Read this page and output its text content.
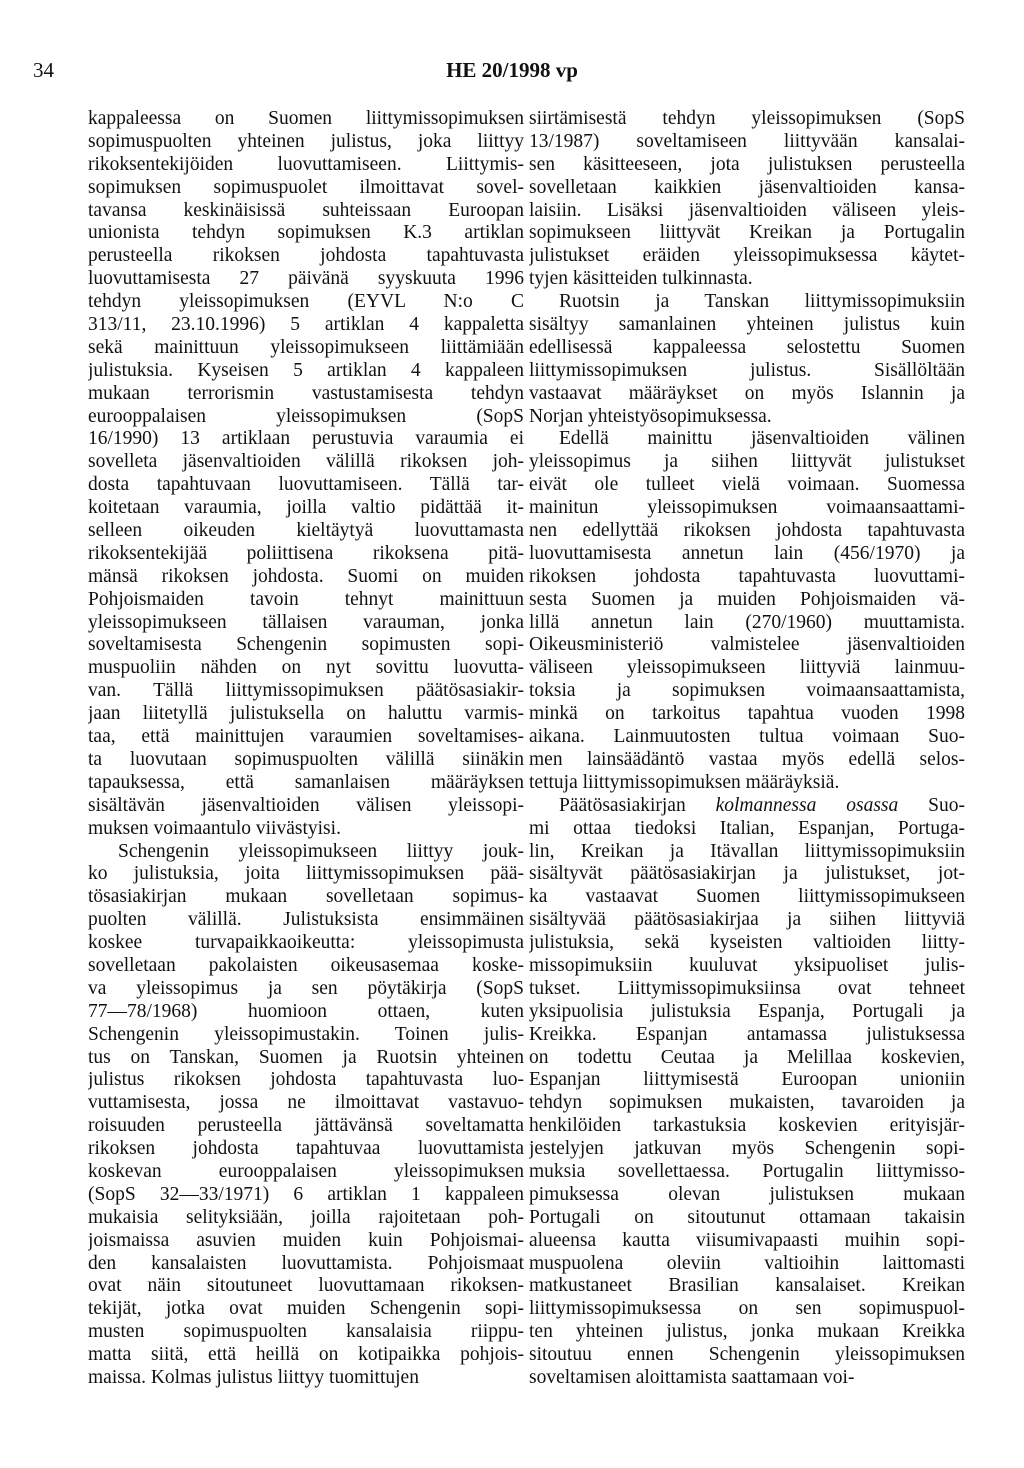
34	HE 20/1998 vp
kappaleessa on Suomen liittymissopimuksen
sopimuspuolten yhteinen julistus, joka liittyy
rikoksentekijöiden luovuttamiseen. Liittymis-
sopimuksen sopimuspuolet ilmoittavat sovel-
tavansa keskinäisissä suhteissaan Euroopan
unionista tehdyn sopimuksen K.3 artiklan
perusteella rikoksen johdosta tapahtuvasta
luovuttamisesta 27 päivänä syyskuuta 1996
tehdyn yleissopimuksen (EYVL N:o C
313/11, 23.10.1996) 5 artiklan 4 kappaletta
sekä mainittuun yleissopimukseen liittämiään
julistuksia. Kyseisen 5 artiklan 4 kappaleen
mukaan terrorismin vastustamisesta tehdyn
eurooppalaisen yleissopimuksen (SopS
16/1990) 13 artiklaan perustuvia varaumia ei
sovelleta jäsenvaltioiden välillä rikoksen joh-
dosta tapahtuvaan luovuttamiseen. Tällä tar-
koitetaan varaumia, joilla valtio pidättää it-
selleen oikeuden kieltäytyä luovuttamasta
rikoksentekijää poliittisena rikoksena pitä-
mänsä rikoksen johdosta. Suomi on muiden
Pohjoismaiden tavoin tehnyt mainittuun
yleissopimukseen tällaisen varauman, jonka
soveltamisesta Schengenin sopimusten sopi-
muspuoliin nähden on nyt sovittu luovutta-
van. Tällä liittymissopimuksen päätösasiakir-
jaan liitetyllä julistuksella on haluttu varmis-
taa, että mainittujen varaumien soveltamises-
ta luovutaan sopimuspuolten välillä siinäkin
tapauksessa, että samanlaisen määräyksen
sisältävän jäsenvaltioiden välisen yleissopi-
muksen voimaantulo viivästyisi.
Schengenin yleissopimukseen liittyy jouk-
ko julistuksia, joita liittymissopimuksen pää-
tösasiakirjan mukaan sovelletaan sopimus-
puolten välillä. Julistuksista ensimmäinen
koskee turvapaikkaoikeutta: yleissopimusta
sovelletaan pakolaisten oikeusasemaa koske-
va yleissopimus ja sen pöytäkirja (SopS
77—78/1968) huomioon ottaen, kuten
Schengenin yleissopimustakin. Toinen julis-
tus on Tanskan, Suomen ja Ruotsin yhteinen
julistus rikoksen johdosta tapahtuvasta luo-
vuttamisesta, jossa ne ilmoittavat vastavuo-
roisuuden perusteella jättävänsä soveltamatta
rikoksen johdosta tapahtuvaa luovuttamista
koskevan eurooppalaisen yleissopimuksen
(SopS 32—33/1971) 6 artiklan 1 kappaleen
mukaisia selityksiään, joilla rajoitetaan poh-
joismaissa asuvien muiden kuin Pohjoismai-
den kansalaisten luovuttamista. Pohjoismaat
ovat näin sitoutuneet luovuttamaan rikoksen-
tekijät, jotka ovat muiden Schengenin sopi-
musten sopimuspuolten kansalaisia riippu-
matta siitä, että heillä on kotipaikka pohjois-
maissa. Kolmas julistus liittyy tuomittujen
siirtämisestä tehdyn yleissopimuksen (SopS
13/1987) soveltamiseen liittyvään kansalai-
sen käsitteeseen, jota julistuksen perusteella
sovelletaan kaikkien jäsenvaltioiden kansa-
laisiin. Lisäksi jäsenvaltioiden väliseen yleis-
sopimukseen liittyvät Kreikan ja Portugalin
julistukset eräiden yleissopimuksessa käytet-
tyjen käsitteiden tulkinnasta.
Ruotsin ja Tanskan liittymissopimuksiin
sisältyy samanlainen yhteinen julistus kuin
edellisessä kappaleessa selostettu Suomen
liittymissopimuksen julistus. Sisällöltään
vastaavat määräykset on myös Islannin ja
Norjan yhteistyösopimuksessa.
Edellä mainittu jäsenvaltioiden välinen
yleissopimus ja siihen liittyvät julistukset
eivät ole tulleet vielä voimaan. Suomessa
mainitun yleissopimuksen voimaansaattami-
nen edellyttää rikoksen johdosta tapahtuvasta
luovuttamisesta annetun lain (456/1970) ja
rikoksen johdosta tapahtuvasta luovuttami-
sesta Suomen ja muiden Pohjoismaiden vä-
lillä annetun lain (270/1960) muuttamista.
Oikeusministeriö valmistelee jäsenvaltioiden
väliseen yleissopimukseen liittyviä lainmuu-
toksia ja sopimuksen voimaansaattamista,
minkä on tarkoitus tapahtua vuoden 1998
aikana. Lainmuutosten tultua voimaan Suo-
men lainsäädäntö vastaa myös edellä selos-
tettuja liittymissopimuksen määräyksiä.
Päätösasiakirjan kolmannessa osassa Suo-
mi ottaa tiedoksi Italian, Espanjan, Portuga-
lin, Kreikan ja Itävallan liittymissopimuksiin
sisältyvät päätösasiakirjan ja julistukset, jot-
ka vastaavat Suomen liittymissopimukseen
sisältyvää päätösasiakirjaa ja siihen liittyviä
julistuksia, sekä kyseisten valtioiden liitty-
missopimuksiin kuuluvat yksipuoliset julis-
tukset. Liittymissopimuksiinsa ovat tehneet
yksipuolisia julistuksia Espanja, Portugali ja
Kreikka. Espanjan antamassa julistuksessa
on todettu Ceutaa ja Melillaa koskevien,
Espanjan liittymisestä Euroopan unioniin
tehdyn sopimuksen mukaisten, tavaroiden ja
henkilöiden tarkastuksia koskevien erityisjär-
jestelyjen jatkuvan myös Schengenin sopi-
muksia sovellettaessa. Portugalin liittymisso-
pimuksessa olevan julistuksen mukaan
Portugali on sitoutunut ottamaan takaisin
alueensa kautta viisumivapaasti muihin sopi-
muspuolena oleviin valtioihin laittomasti
matkustaneet Brasilian kansalaiset. Kreikan
liittymissopimuksessa on sen sopimuspuol-
ten yhteinen julistus, jonka mukaan Kreikka
sitoutuu ennen Schengenin yleissopimuksen
soveltamisen aloittamista saattamaan voi-
